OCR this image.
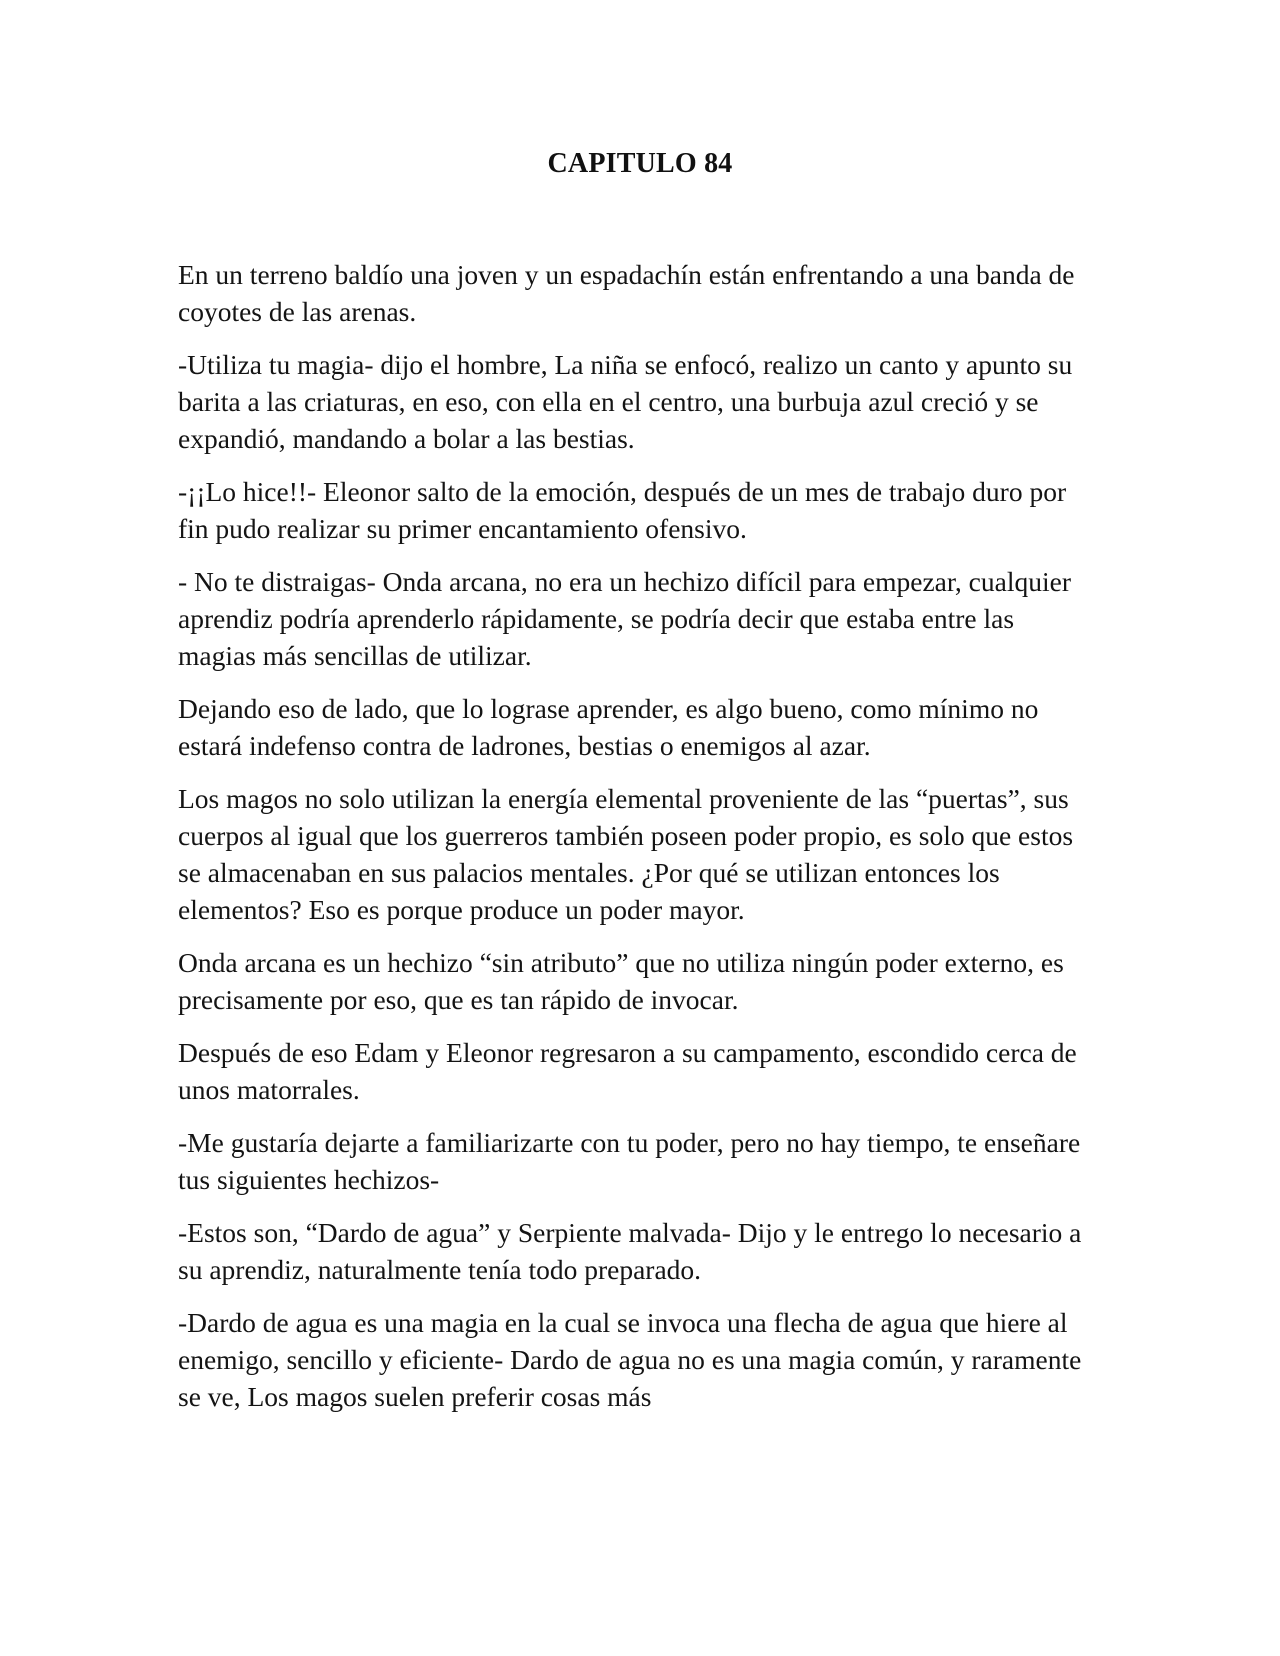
CAPITULO 84

En un terreno baldío una joven y un espadachín están enfrentando a una banda de coyotes de las arenas.

-Utiliza tu magia- dijo el hombre, La niña se enfocó, realizo un canto y apunto su barita a las criaturas, en eso, con ella en el centro, una burbuja azul creció y se expandió, mandando a bolar a las bestias.

-¡¡Lo hice!!- Eleonor salto de la emoción, después de un mes de trabajo duro por fin pudo realizar su primer encantamiento ofensivo.

- No te distraigas- Onda arcana, no era un hechizo difícil para empezar, cualquier aprendiz podría aprenderlo rápidamente, se podría decir que estaba entre las magias más sencillas de utilizar.

Dejando eso de lado, que lo lograse aprender, es algo bueno, como mínimo no estará indefenso contra de ladrones, bestias o enemigos al azar.

Los magos no solo utilizan la energía elemental proveniente de las “puertas”, sus cuerpos al igual que los guerreros también poseen poder propio, es solo que estos se almacenaban en sus palacios mentales. ¿Por qué se utilizan entonces los elementos? Eso es porque produce un poder mayor.

Onda arcana es un hechizo “sin atributo” que no utiliza ningún poder externo, es precisamente por eso, que es tan rápido de invocar.

Después de eso Edam y Eleonor regresaron a su campamento, escondido cerca de unos matorrales.

-Me gustaría dejarte a familiarizarte con tu poder, pero no hay tiempo, te enseñare tus siguientes hechizos-

-Estos son, “Dardo de agua” y Serpiente malvada- Dijo y le entrego lo necesario a su aprendiz, naturalmente tenía todo preparado.

-Dardo de agua es una magia en la cual se invoca una flecha de agua que hiere al enemigo, sencillo y eficiente- Dardo de agua no es una magia común, y raramente se ve, Los magos suelen preferir cosas más
